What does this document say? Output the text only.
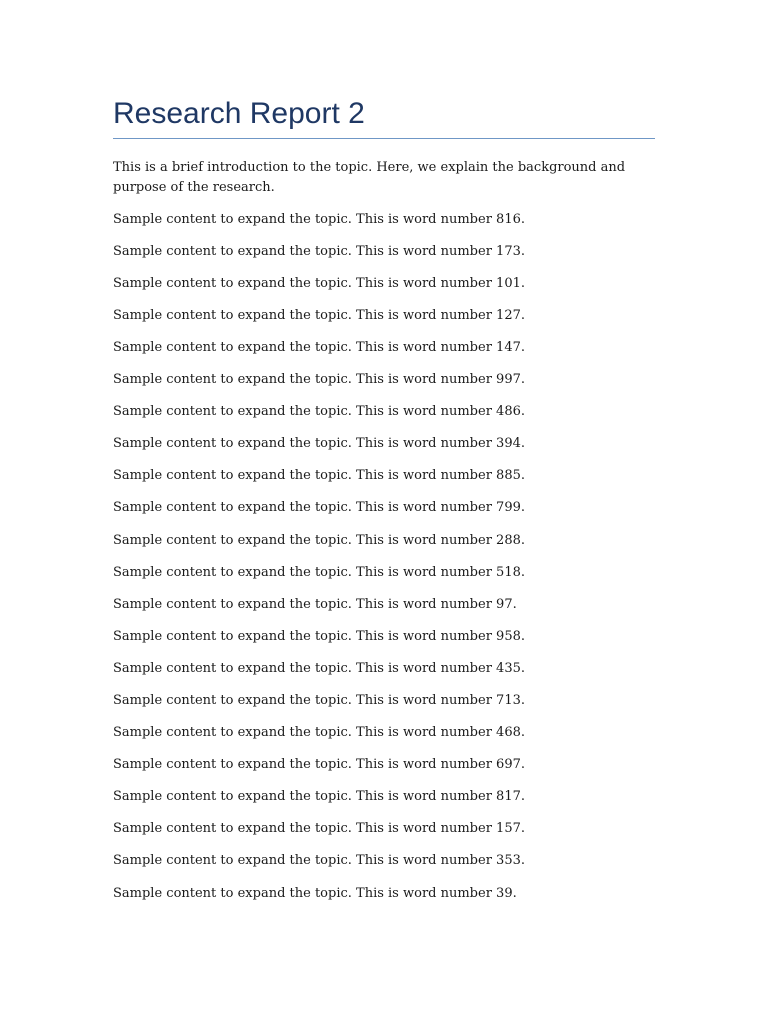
Research Report 2

This is a brief introduction to the topic. Here, we explain the background and purpose of the research.

Sample content to expand the topic. This is word number 816.

Sample content to expand the topic. This is word number 173.

Sample content to expand the topic. This is word number 101.

Sample content to expand the topic. This is word number 127.

Sample content to expand the topic. This is word number 147.

Sample content to expand the topic. This is word number 997.

Sample content to expand the topic. This is word number 486.

Sample content to expand the topic. This is word number 394.

Sample content to expand the topic. This is word number 885.

Sample content to expand the topic. This is word number 799.

Sample content to expand the topic. This is word number 288.

Sample content to expand the topic. This is word number 518.

Sample content to expand the topic. This is word number 97.

Sample content to expand the topic. This is word number 958.

Sample content to expand the topic. This is word number 435.

Sample content to expand the topic. This is word number 713.

Sample content to expand the topic. This is word number 468.

Sample content to expand the topic. This is word number 697.

Sample content to expand the topic. This is word number 817.

Sample content to expand the topic. This is word number 157.

Sample content to expand the topic. This is word number 353.

Sample content to expand the topic. This is word number 39.
